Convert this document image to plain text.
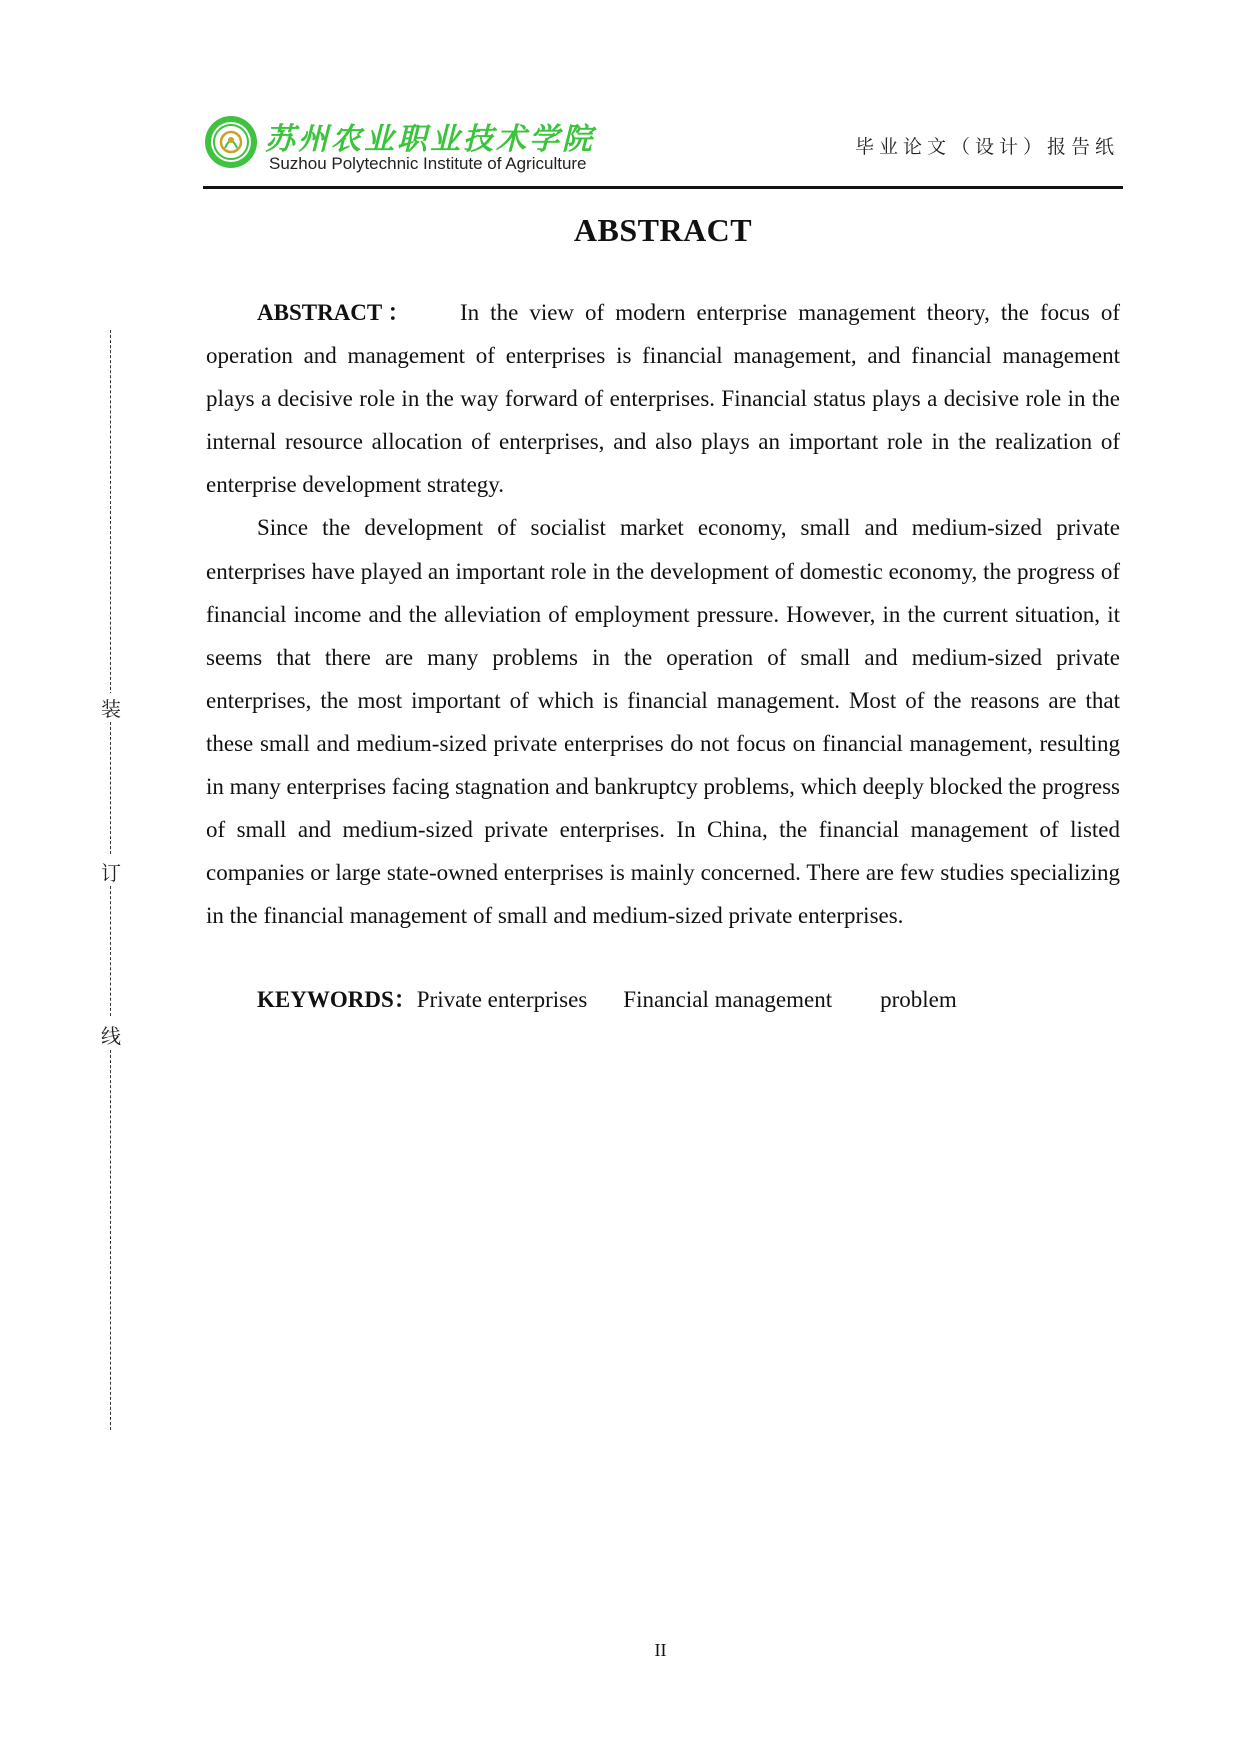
苏州农业职业技术学院
Suzhou Polytechnic Institute of Agriculture
毕业论文（设计）报告纸
装
订
线
ABSTRACT

ABSTRACT： In the view of modern enterprise management theory, the focus of operation and management of enterprises is financial management, and financial management plays a decisive role in the way forward of enterprises. Financial status plays a decisive role in the internal resource allocation of enterprises, and also plays an important role in the realization of enterprise development strategy.

Since the development of socialist market economy, small and medium-sized private enterprises have played an important role in the development of domestic economy, the progress of financial income and the alleviation of employment pressure. However, in the current situation, it seems that there are many problems in the operation of small and medium-sized private enterprises, the most important of which is financial management. Most of the reasons are that these small and medium-sized private enterprises do not focus on financial management, resulting in many enterprises facing stagnation and bankruptcy problems, which deeply blocked the progress of small and medium-sized private enterprises. In China, the financial management of listed companies or large state-owned enterprises is mainly concerned. There are few studies specializing in the financial management of small and medium-sized private enterprises.

KEYWORDS：Private enterprises Financial management problem
II
